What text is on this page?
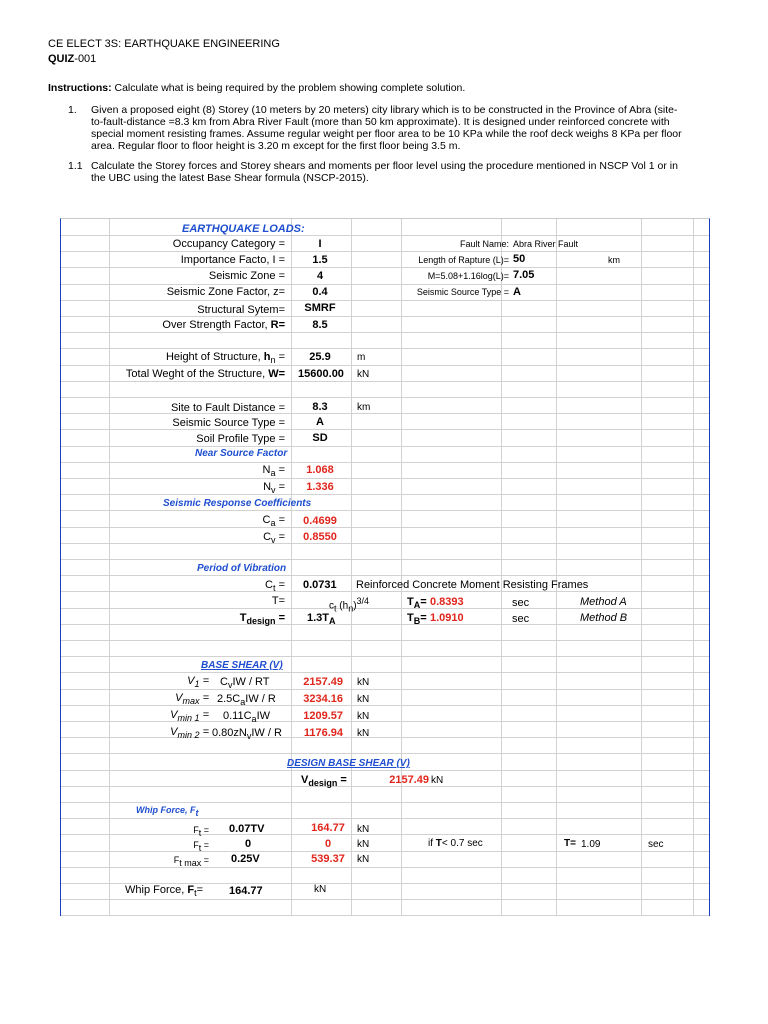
CE ELECT 3S: EARTHQUAKE ENGINEERING
QUIZ-001
Instructions: Calculate what is being required by the problem showing complete solution.
1. Given a proposed eight (8) Storey (10 meters by 20 meters) city library which is to be constructed in the Province of Abra (site-
to-fault-distance =8.3 km from Abra River Fault (more than 50 km approximate). It is designed under reinforced concrete with
special moment resisting frames. Assume regular weight per floor area to be 10 KPa while the roof deck weighs 8 KPa per floor
area. Regular floor to floor height is 3.20 m except for the first floor being 3.5 m.
1.1 Calculate the Storey forces and Storey shears and moments per floor level using the procedure mentioned in NSCP Vol 1 or in
the UBC using the latest Base Shear formula (NSCP-2015).
EARTHQUAKE LOADS:
Occupancy Category =	I
Importance Facto, I =	1.5
Seismic Zone =	4
Seismic Zone Factor, z=	0.4
Structural Sytem=	SMRF
Over Strength Factor, R=	8.5
Fault Name: Abra River Fault
Length of Rapture (L)= 50	km
M=5.08+1.16log(L)= 7.05
Seismic Source Type = A
Height of Structure, $h_n$ =	25.9	m
Total Weght of the Structure, W=	15600.00	kN
Site to Fault Distance =	8.3	km
Seismic Source Type =	A
Soil Profile Type =	SD
Near Source Factor
$N_a$ =	1.068
$N_v$ =	1.336
Seismic Response Coefficients
$C_a$ =	0.4699
$C_v$ =	0.8550
Period of Vibration
$C_t = 0.0731$ Reinforced Concrete Moment Resisting Frames
T=	$c_t$ $(h_n)^{3/4}$	$T_A= 0.8393$	sec	Method A
$T_{design} = 1.3T_A$	$T_B= 1.0910$	sec	Method B
BASE SHEAR (V)
$V_1 = C_vIW$ / RT	2157.49 kN
$V_{max} = 2.5C_aIW / R$	3234.16 kN
$V_{min 1} = 0.11C_aIW$	1209.57 kN
$V_{min 2} = 0.80zN_vIW / R$	1176.94 kN
DESIGN BASE SHEAR (V)
$V_{design}$ =	2157.49 kN
Whip Force, $F_t$
$F_t = 0.07TV$	164.77	kN
$F_t$ =	0	0	kN	if T< 0.7 sec	T= 1.09	sec
$F_{t max} = 0.25V$	539.37	kN
Whip Force, $F_t= 164.77$	kN
